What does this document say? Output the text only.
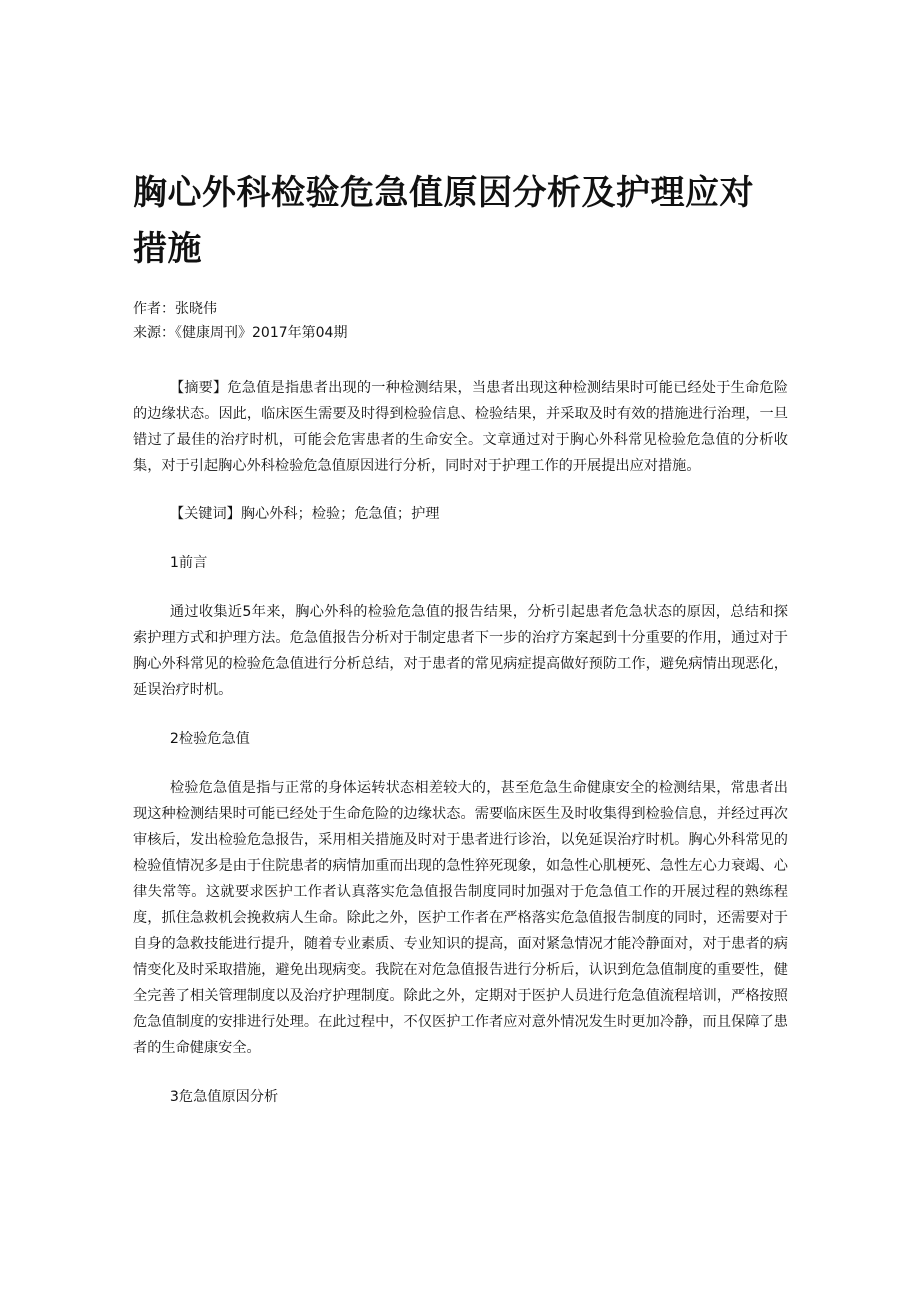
胸心外科检验危急值原因分析及护理应对措施
作者：张晓伟
来源：《健康周刊》2017年第04期

【摘要】危急值是指患者出现的一种检测结果，当患者出现这种检测结果时可能已经处于生命危险的边缘状态。因此，临床医生需要及时得到检验信息、检验结果，并采取及时有效的措施进行治理，一旦错过了最佳的治疗时机，可能会危害患者的生命安全。文章通过对于胸心外科常见检验危急值的分析收集，对于引起胸心外科检验危急值原因进行分析，同时对于护理工作的开展提出应对措施。

【关键词】胸心外科；检验；危急值；护理

1前言

通过收集近5年来，胸心外科的检验危急值的报告结果，分析引起患者危急状态的原因，总结和探索护理方式和护理方法。危急值报告分析对于制定患者下一步的治疗方案起到十分重要的作用，通过对于胸心外科常见的检验危急值进行分析总结，对于患者的常见病症提高做好预防工作，避免病情出现恶化，延误治疗时机。

2检验危急值

检验危急值是指与正常的身体运转状态相差较大的，甚至危急生命健康安全的检测结果，常患者出现这种检测结果时可能已经处于生命危险的边缘状态。需要临床医生及时收集得到检验信息，并经过再次审核后，发出检验危急报告，采用相关措施及时对于患者进行诊治，以免延误治疗时机。胸心外科常见的检验值情况多是由于住院患者的病情加重而出现的急性猝死现象，如急性心肌梗死、急性左心力衰竭、心律失常等。这就要求医护工作者认真落实危急值报告制度同时加强对于危急值工作的开展过程的熟练程度，抓住急救机会挽救病人生命。除此之外，医护工作者在严格落实危急值报告制度的同时，还需要对于自身的急救技能进行提升，随着专业素质、专业知识的提高，面对紧急情况才能冷静面对，对于患者的病情变化及时采取措施，避免出现病变。我院在对危急值报告进行分析后，认识到危急值制度的重要性，健全完善了相关管理制度以及治疗护理制度。除此之外，定期对于医护人员进行危急值流程培训，严格按照危急值制度的安排进行处理。在此过程中，不仅医护工作者应对意外情况发生时更加冷静，而且保障了患者的生命健康安全。

3危急值原因分析
